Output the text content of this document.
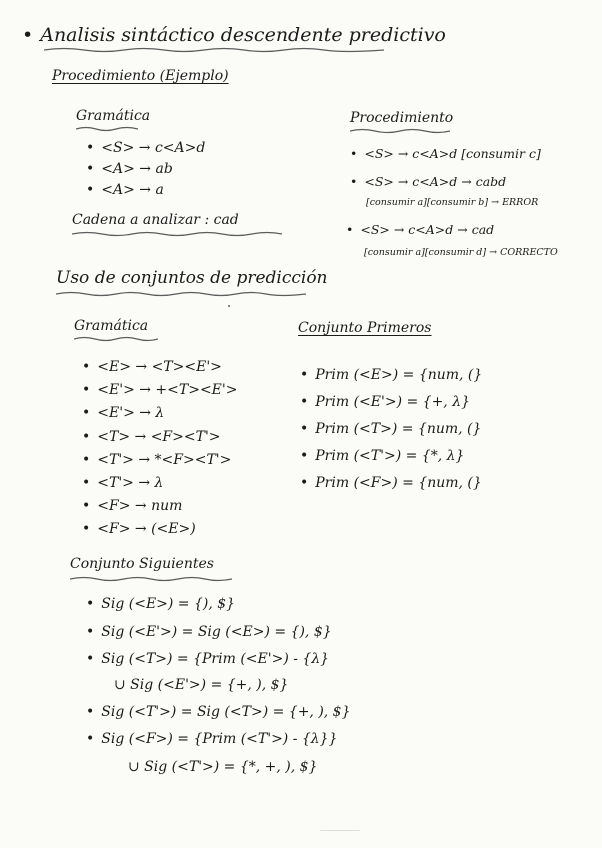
• Analisis sintáctico descendente predictivo
Procedimiento (Ejemplo)
Gramática
• <S> → c<A>d
• <A> → ab
• <A> → a
Cadena a analizar : cad
Procedimiento
• <S> → c<A>d [consumir c]
• <S> → c<A>d → cabd
[consumir a][consumir b] → ERROR
• <S> → c<A>d → cad
[consumir a][consumir d] → CORRECTO
Uso de conjuntos de predicción
Gramática
• <E> → <T><E'>
• <E'> → +<T><E'>
• <E'> → λ
• <T> → <F><T'>
• <T'> → *<F><T'>
• <T'> → λ
• <F> → num
• <F> → (<E>)
Conjunto Primeros
• Prim (<E>) = {num, (}
• Prim (<E'>) = {+, λ}
• Prim (<T>) = {num, (}
• Prim (<T'>) = {*, λ}
• Prim (<F>) = {num, (}
Conjunto Siguientes
• Sig (<E>) = {), $}
• Sig (<E'>) = Sig (<E>) = {), $}
• Sig (<T>) = {Prim (<E'>) - {λ}
∪ Sig (<E'>) = {+, ), $}
• Sig (<T'>) = Sig (<T>) = {+, ), $}
• Sig (<F>) = {Prim (<T'>) - {λ}}
∪ Sig (<T'>) = {*, +, ), $}
